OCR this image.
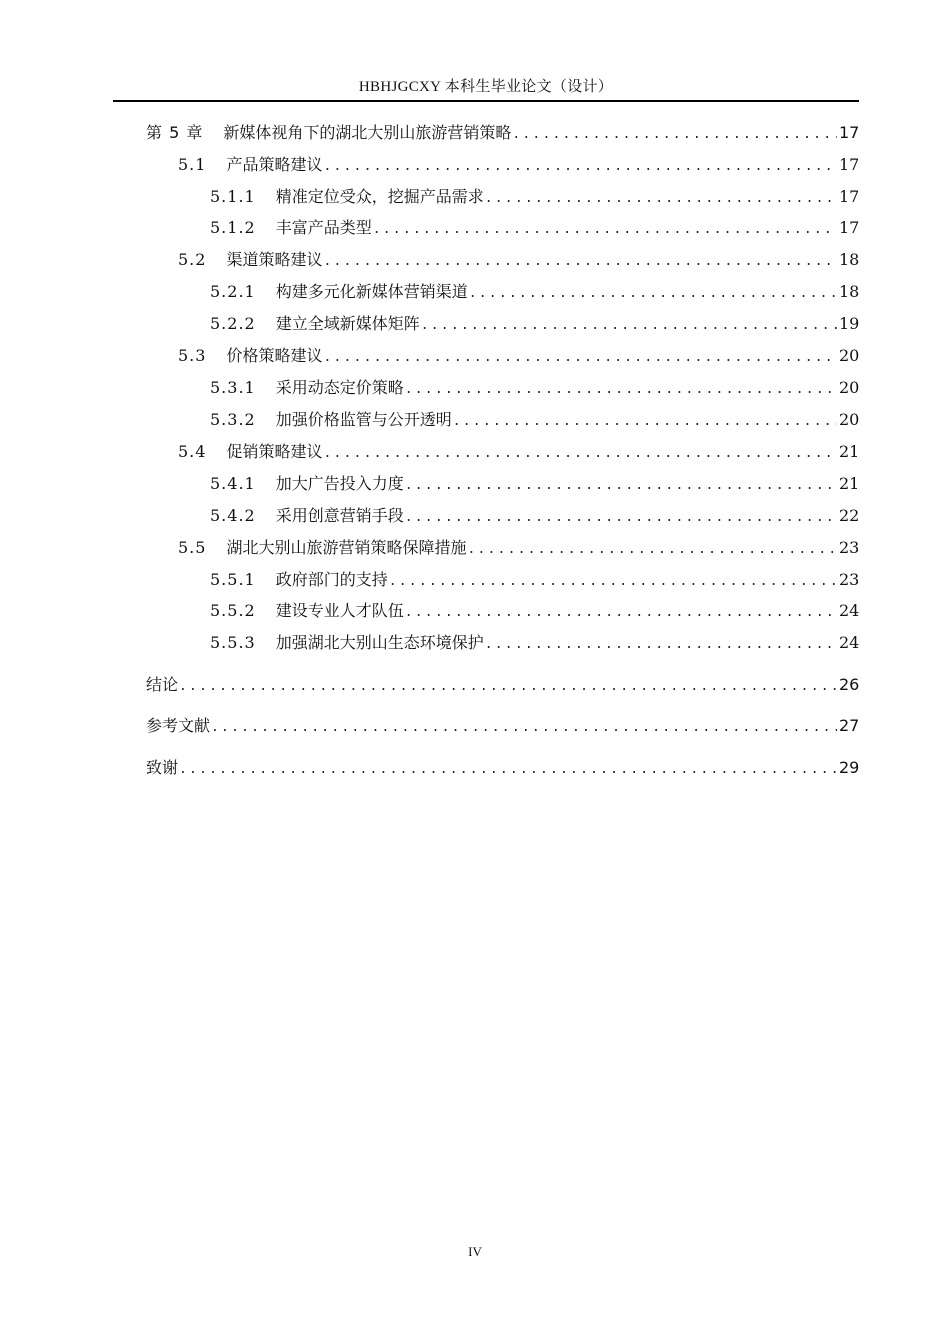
HBHJGCXY 本科生毕业论文（设计）
第 5 章 新媒体视角下的湖北大别山旅游营销策略 .....	17
5.1 产品策略建议 .....	17
5.1.1 精准定位受众，挖掘产品需求 .....	17
5.1.2 丰富产品类型 .....	17
5.2 渠道策略建议 .....	18
5.2.1 构建多元化新媒体营销渠道 .....	18
5.2.2 建立全域新媒体矩阵 .....	19
5.3 价格策略建议 .....	20
5.3.1 采用动态定价策略 .....	20
5.3.2 加强价格监管与公开透明 .....	20
5.4 促销策略建议 .....	21
5.4.1 加大广告投入力度 .....	21
5.4.2 采用创意营销手段 .....	22
5.5 湖北大别山旅游营销策略保障措施 .....	23
5.5.1 政府部门的支持 .....	23
5.5.2 建设专业人才队伍 .....	24
5.5.3 加强湖北大别山生态环境保护 .....	24
结论 .....	26
参考文献 .....	27
致谢 .....	29
IV
